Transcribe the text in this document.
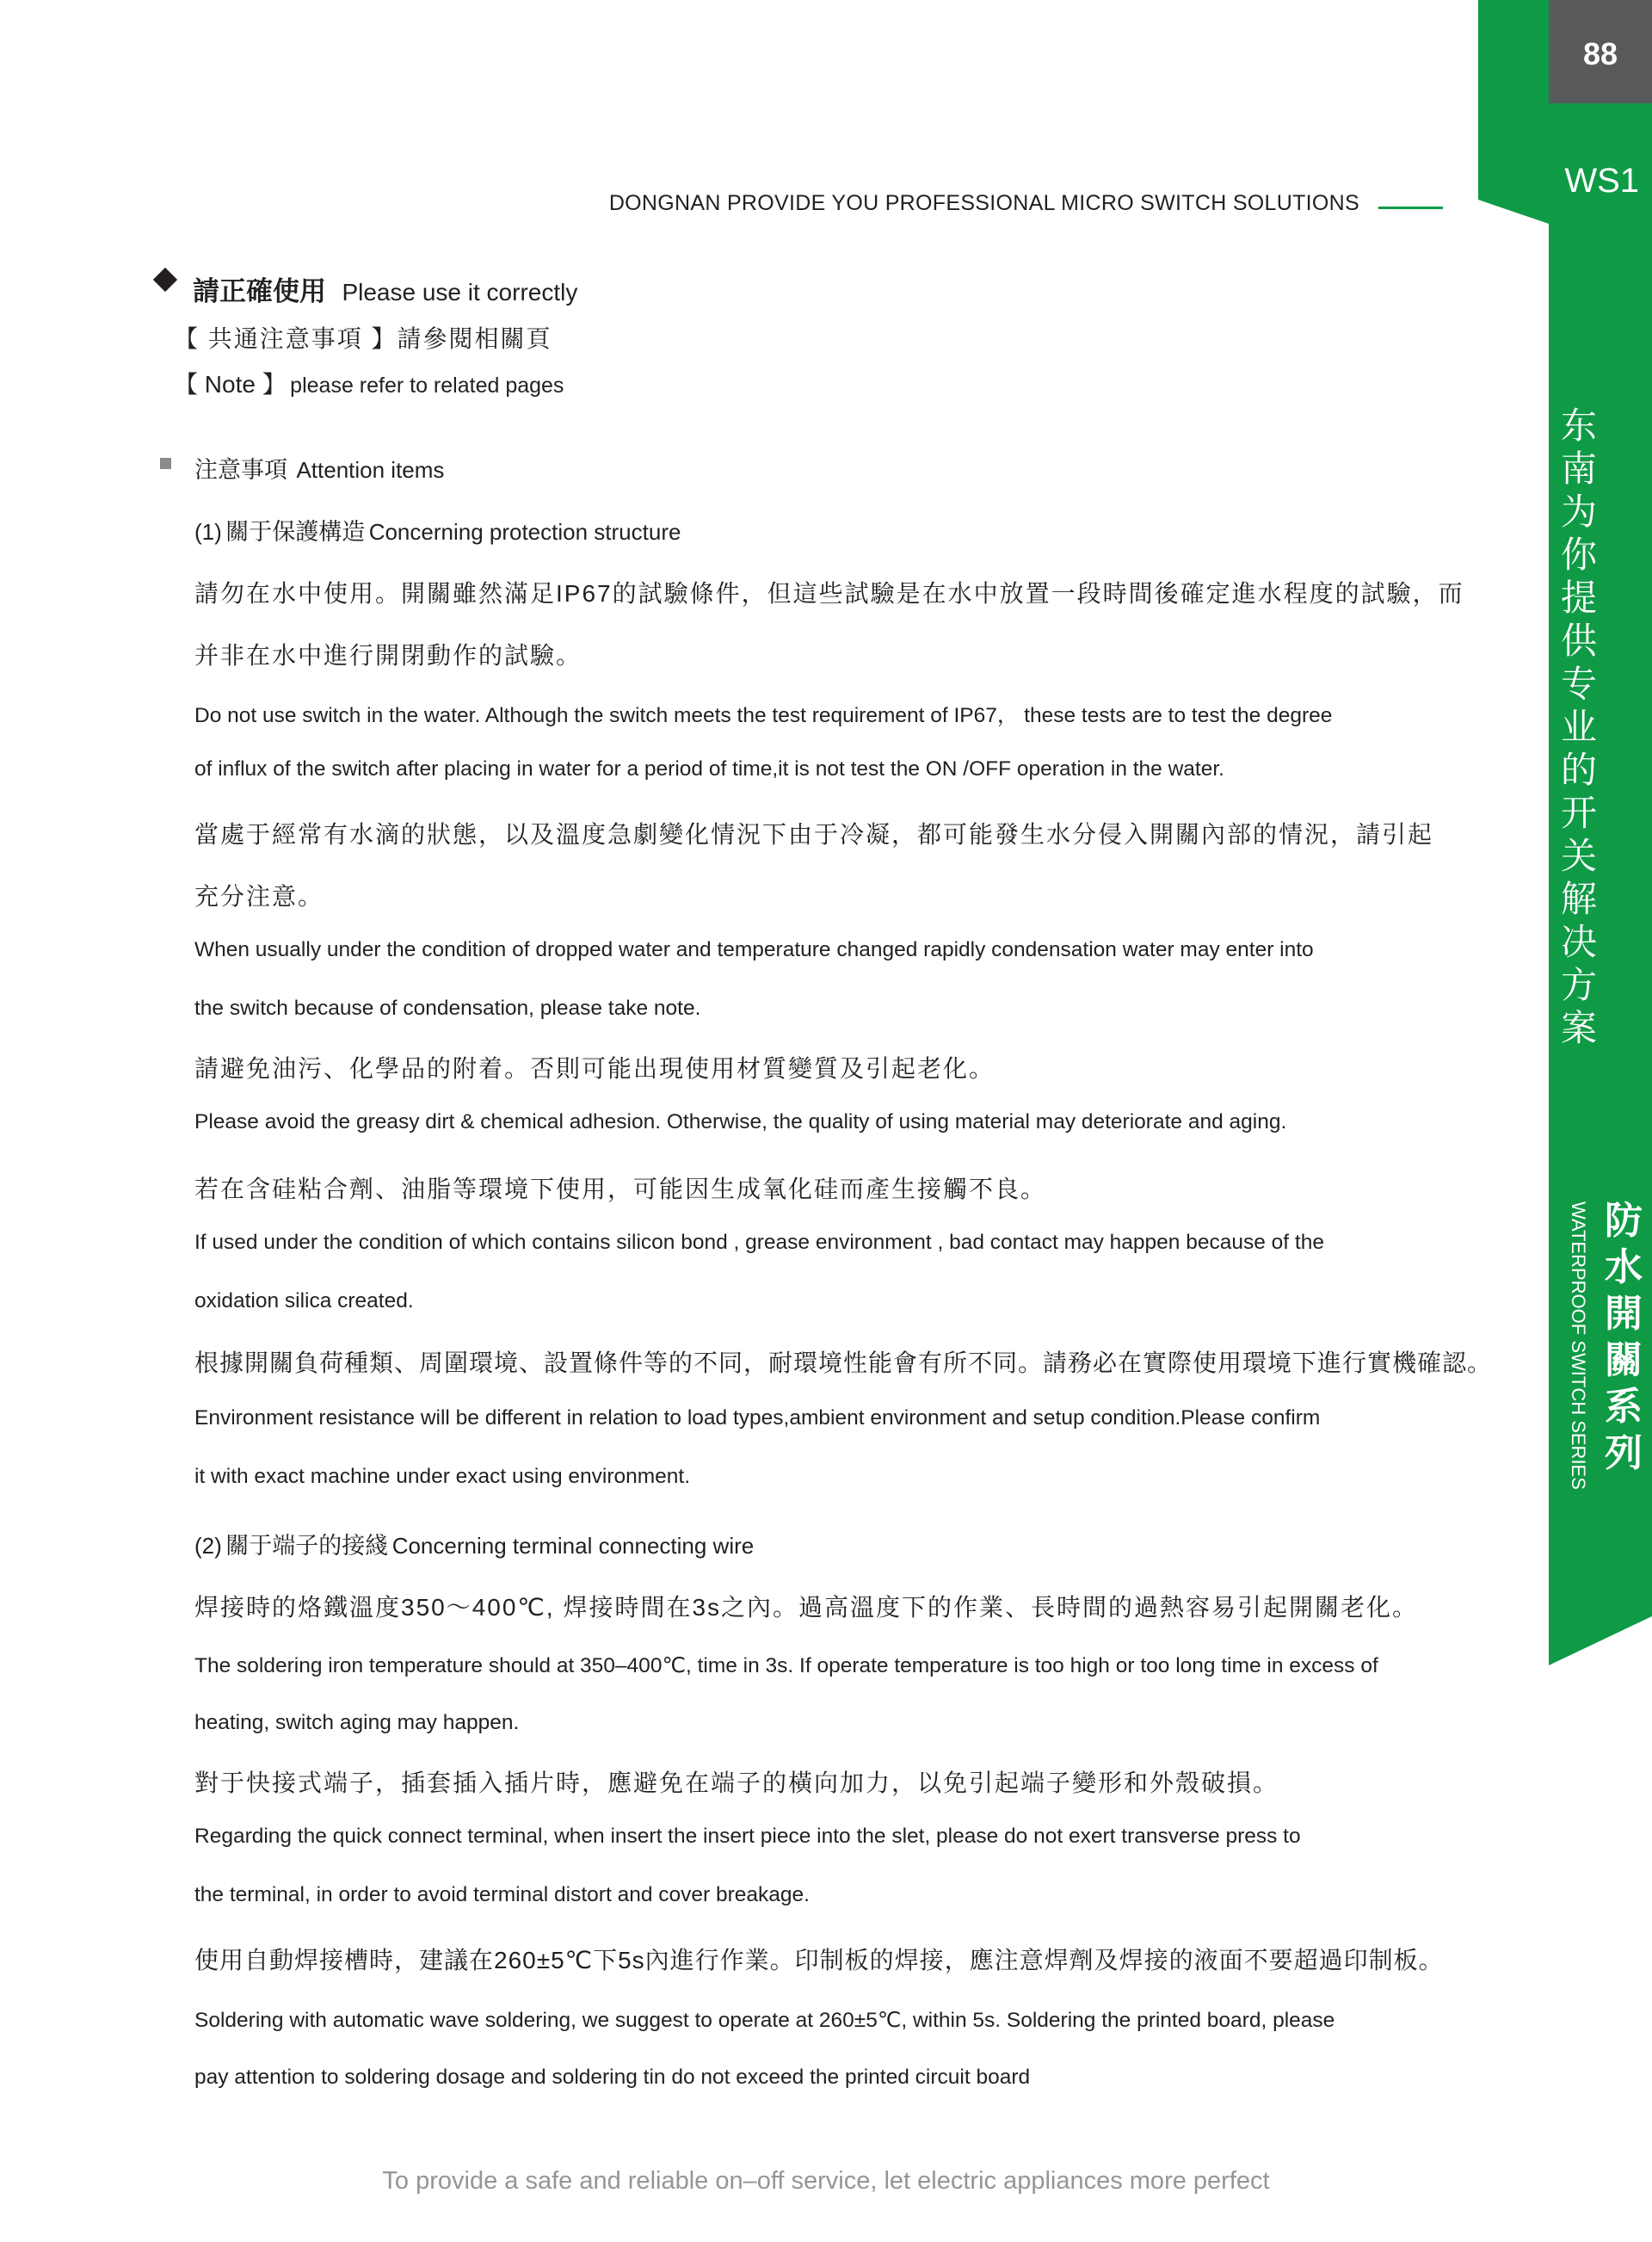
88
WS1
DONGNAN PROVIDE YOU PROFESSIONAL MICRO SWITCH SOLUTIONS
东南为你提供专业的开关解决方案
防水開關系列
WATERPROOF SWITCH SERIES
請正確使用 Please use it correctly
【 共通注意事項 】請參閱相關頁
【 Note 】 please refer to related pages
注意事項 Attention items
(1) 關于保護構造 Concerning protection structure
請勿在水中使用。開關雖然滿足IP67的試驗條件，但這些試驗是在水中放置一段時間後確定進水程度的試驗，而
并非在水中進行開閉動作的試驗。
Do not use switch in the water. Although the switch meets the test requirement of IP67， these tests are to test the degree
of influx of the switch after placing in water for a period of time,it is not test the ON /OFF operation in the water.
當處于經常有水滴的狀態，以及溫度急劇變化情況下由于冷凝，都可能發生水分侵入開關內部的情況，請引起
充分注意。
When usually under the condition of dropped water and temperature changed rapidly condensation water may enter into
the switch because of condensation, please take note.
請避免油污、化學品的附着。否則可能出現使用材質變質及引起老化。
Please avoid the greasy dirt & chemical adhesion. Otherwise, the quality of using material may deteriorate and aging.
若在含硅粘合劑、油脂等環境下使用，可能因生成氧化硅而產生接觸不良。
If used under the condition of which contains silicon bond , grease environment , bad contact may happen because of the
oxidation silica created.
根據開關負荷種類、周圍環境、設置條件等的不同，耐環境性能會有所不同。請務必在實際使用環境下進行實機確認。
Environment resistance will be different in relation to load types,ambient environment and setup condition.Please confirm
it with exact machine under exact using environment.
(2) 關于端子的接綫 Concerning terminal connecting wire
焊接時的烙鐵溫度350～400℃, 焊接時間在3s之內。過高溫度下的作業、長時間的過熱容易引起開關老化。
The soldering iron temperature should at 350–400℃, time in 3s. If operate temperature is too high or too long time in excess of
heating, switch aging may happen.
對于快接式端子，插套插入插片時，應避免在端子的橫向加力，以免引起端子變形和外殼破損。
Regarding the quick connect terminal, when insert the insert piece into the slet, please do not exert transverse press to
the terminal, in order to avoid terminal distort and cover breakage.
使用自動焊接槽時，建議在260±5℃下5s內進行作業。印制板的焊接，應注意焊劑及焊接的液面不要超過印制板。
Soldering with automatic wave soldering, we suggest to operate at 260±5℃, within 5s. Soldering the printed board, please
pay attention to soldering dosage and soldering tin do not exceed the printed circuit board
To provide a safe and reliable on–off service, let electric appliances more perfect
